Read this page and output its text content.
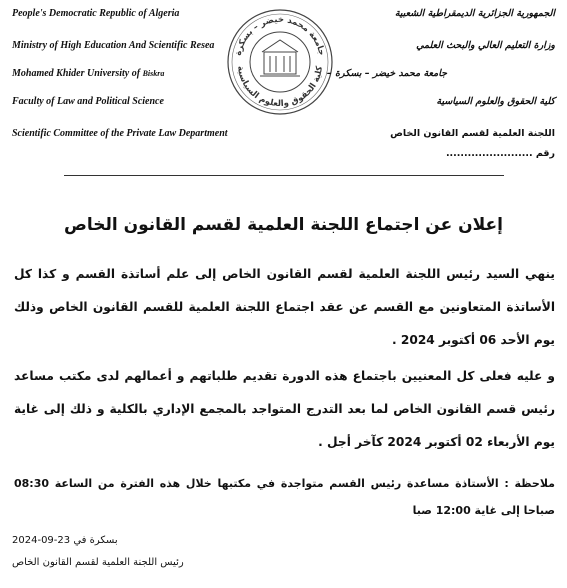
People's Democratic Republic of Algeria
Ministry of High Education And Scientific Resea
Mohamed Khider University of Biskra
Faculty of Law and Political Science
Scientific Committee of the Private Law Department
جامعة محمد خيضر – بسكرة
كلية الحقوق والعلوم السياسية
الجمهورية الجزائرية الديمقراطية الشعبية
وزارة التعليم العالي والبحث العلمي
جامعة محمد خيضر – بسكرة –
كلية الحقوق والعلوم السياسية
اللجنة العلمية لقسم القانون الخاص
رقم ........................
إعلان عن اجتماع اللجنة العلمية لقسم القانون الخاص
ينهي السيد رئيس اللجنة العلمية لقسم القانون الخاص إلى علم أساتذة القسم و كذا كل الأساتذة المتعاونين مع القسم عن عقد اجتماع اللجنة العلمية للقسم القانون الخاص وذلك يوم الأحد 06 أكتوبر 2024 .
و عليه فعلى كل المعنيين باجتماع هذه الدورة تقديم طلباتهم و أعمالهم لدى مكتب مساعد رئيس قسم القانون الخاص لما بعد التدرج المتواجد بالمجمع الإداري بالكلية و ذلك إلى غاية يوم الأربعاء 02 أكتوبر 2024 كآخر أجل .
ملاحظة : الأستاذة مساعدة رئيس القسم متواجدة في مكتبها خلال هذه الفترة من الساعة 08:30 صباحا إلى غاية 12:00 صبا
بسكرة في 23-09-2024
رئيس اللجنة العلمية لقسم القانون الخاص
